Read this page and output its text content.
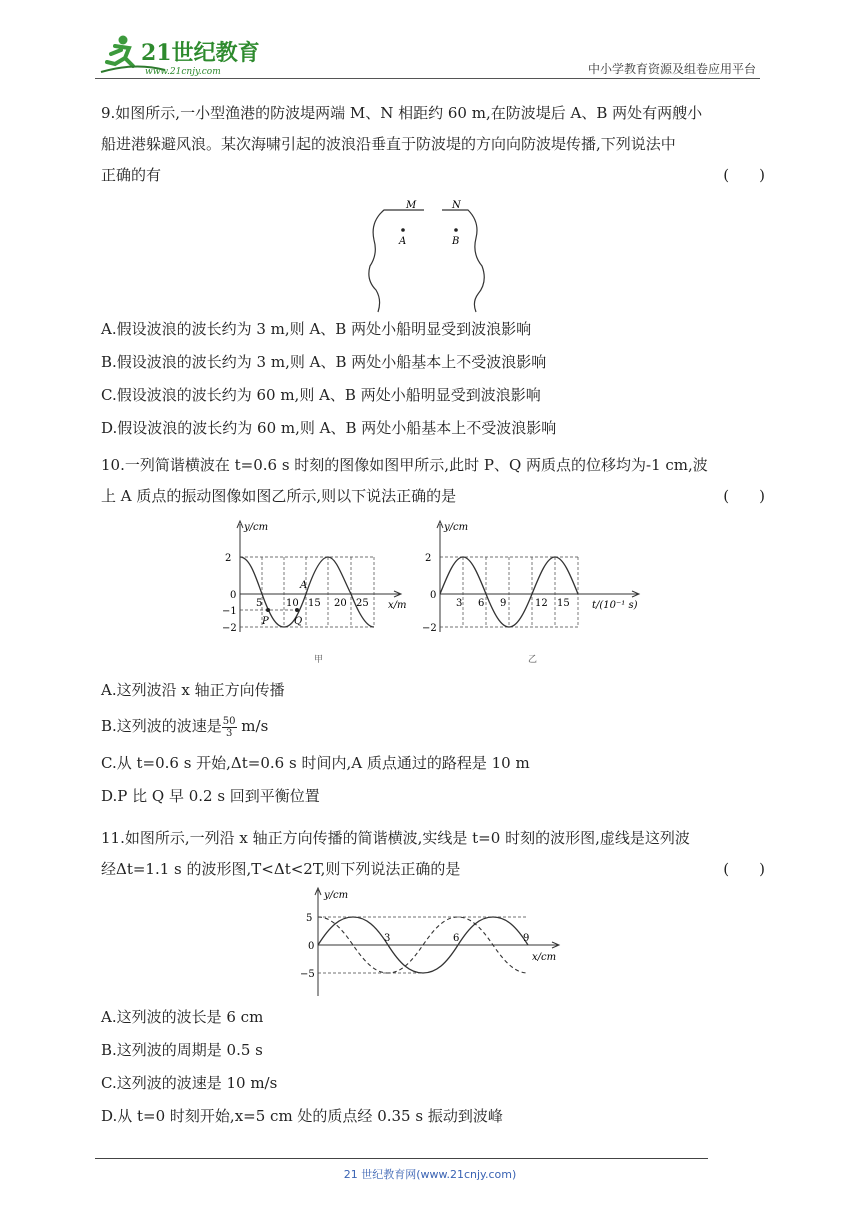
21世纪教育
www.21cnjy.com	中小学教育资源及组卷应用平台
9.如图所示,一小型渔港的防波堤两端 M、N 相距约 60 m,在防波堤后 A、B 两处有两艘小
船进港躲避风浪。某次海啸引起的波浪沿垂直于防波堤的方向向防波堤传播,下列说法中
正确的有	(　　)
M	N
A	B
A.假设波浪的波长约为 3 m,则 A、B 两处小船明显受到波浪影响
B.假设波浪的波长约为 3 m,则 A、B 两处小船基本上不受波浪影响
C.假设波浪的波长约为 60 m,则 A、B 两处小船明显受到波浪影响
D.假设波浪的波长约为 60 m,则 A、B 两处小船基本上不受波浪影响
10.一列简谐横波在 t=0.6 s 时刻的图像如图甲所示,此时 P、Q 两质点的位移均为-1 cm,波
上 A 质点的振动图像如图乙所示,则以下说法正确的是	(　　)
y/cm
x/m
2
0
−1
−2
5 10 15 20 25
P	Q
A
甲
y/cm
t/(10⁻¹ s)
2
0
−2
3 6 9	12 15
乙
A.这列波沿 x 轴正方向传播
B.这列波的波速是 $\frac{50}{3} m/s$
C.从 t=0.6 s 开始,Δt=0.6 s 时间内,A 质点通过的路程是 10 m
D.P 比 Q 早 0.2 s 回到平衡位置
11.如图所示,一列沿 x 轴正方向传播的简谐横波,实线是 t=0 时刻的波形图,虚线是这列波
经Δt=1.1 s 的波形图,T<Δt<2T,则下列说法正确的是	(　　)
y/cm
x/cm
5
0
−5
3	6	9
A.这列波的波长是 6 cm
B.这列波的周期是 0.5 s
C.这列波的波速是 10 m/s
D.从 t=0 时刻开始,x=5 cm 处的质点经 0.35 s 振动到波峰
21 世纪教育网(www.21cnjy.com)
